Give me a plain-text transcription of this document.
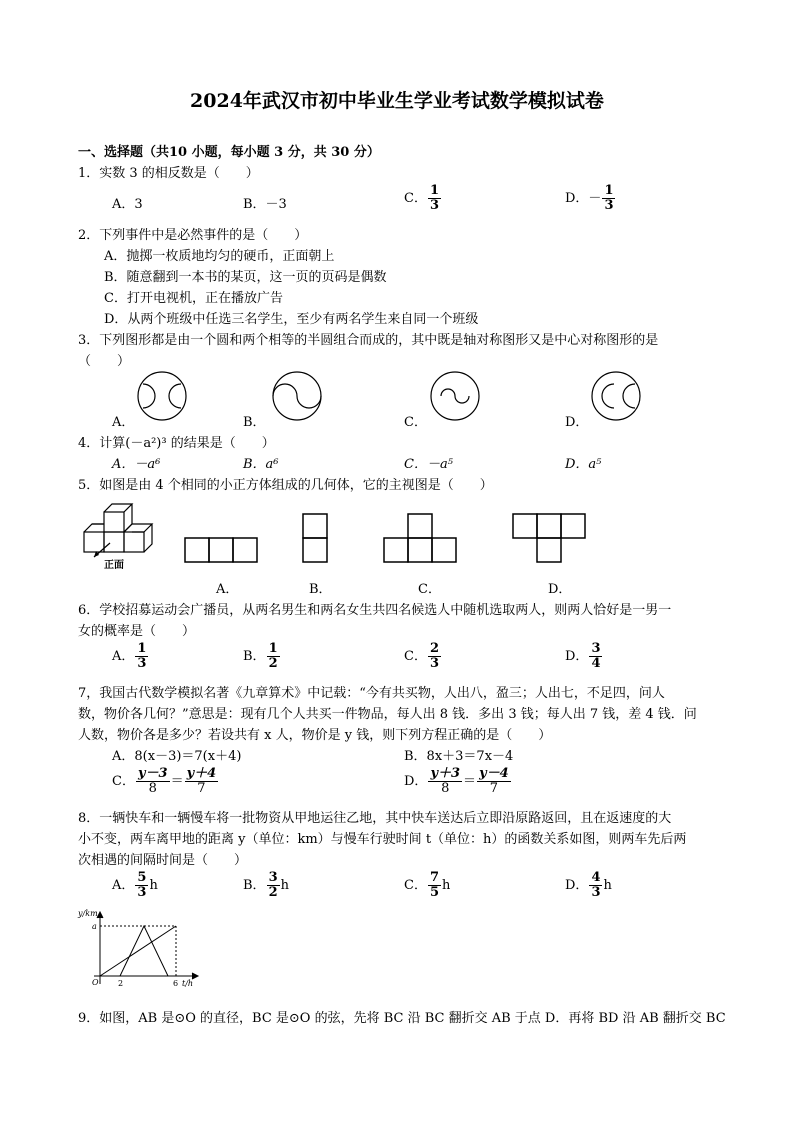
2024年武汉市初中毕业生学业考试数学模拟试卷
一、选择题（共10 小题，每小题 3 分，共 30 分）
1．实数 3 的相反数是（　　）
A．3	B．－3	C． $\frac{1}{3}$	D．－ $\frac{1}{3}$
2．下列事件中是必然事件的是（　　）
A．抛掷一枚质地均匀的硬币，正面朝上
B．随意翻到一本书的某页，这一页的页码是偶数
C．打开电视机，正在播放广告
D．从两个班级中任选三名学生，至少有两名学生来自同一个班级
3．下列图形都是由一个圆和两个相等的半圆组合而成的，其中既是轴对称图形又是中心对称图形的是
（　　）
A．	B．	C．	D．
4．计算(－a²)³ 的结果是（　　）
A．－a⁶	B．a⁶	C．－a⁵	D．a⁵
5．如图是由 4 个相同的小正方体组成的几何体，它的主视图是（　　）
正面
A．	B．	C．	D．
6．学校招募运动会广播员，从两名男生和两名女生共四名候选人中随机选取两人，则两人恰好是一男一
女的概率是（　　）
A． $\frac{1}{3}$	B． $\frac{1}{2}$	C． $\frac{2}{3}$	D． $\frac{3}{4}$
7，我国古代数学模拟名著《九章算术》中记载：“今有共买物，人出八，盈三；人出七，不足四，问人
数，物价各几何？”意思是：现有几个人共买一件物品，每人出 8 钱．多出 3 钱；每人出 7 钱，差 4 钱．问
人数，物价各是多少？若设共有 x 人，物价是 y 钱，则下列方程正确的是（　　）
A．8(x－3)＝7(x＋4)	B．8x＋3＝7x－4
C． $\frac{y-3}{8} = \frac{y+4}{7}$	D． $\frac{y+3}{8} = \frac{y-4}{7}$
8．一辆快车和一辆慢车将一批物资从甲地运往乙地，其中快车送达后立即沿原路返回，且在返速度的大
小不变，两车离甲地的距离 y（单位：km）与慢车行驶时间 t（单位：h）的函数关系如图，则两车先后两
次相遇的间隔时间是（　　）
A． $\frac{5}{3}$ h	B． $\frac{3}{2}$ h	C． $\frac{7}{5}$ h	D． $\frac{4}{3}$ h
y/km
a
O 2	6 t/h
9．如图，AB 是⊙O 的直径，BC 是⊙O 的弦，先将 BC 沿 BC 翻折交 AB 于点 D．再将 BD 沿 AB 翻折交 BC
